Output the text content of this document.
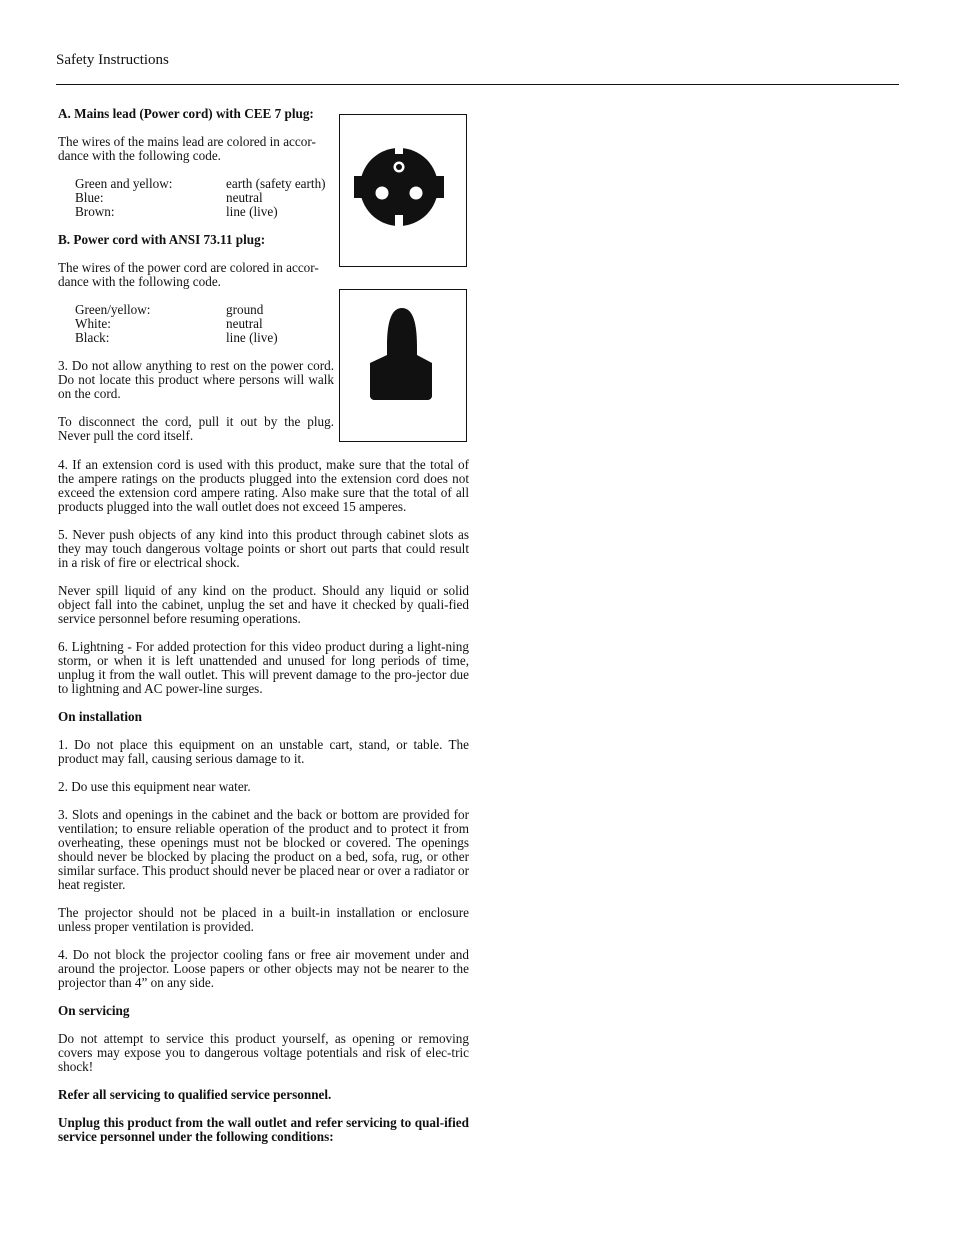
Safety Instructions

A. Mains lead (Power cord) with CEE 7 plug:

The wires of the mains lead are colored in accor-dance with the following code.

Green and yellow:	earth (safety earth)
Blue:	neutral
Brown:	line (live)

B. Power cord with ANSI 73.11 plug:

The wires of the power cord are colored in accor-dance with the following code.

Green/yellow:	ground
White:	neutral
Black:	line (live)

3. Do not allow anything to rest on the power cord. Do not locate this product where persons will walk on the cord.

To disconnect the cord, pull it out by the plug. Never pull the cord itself.

4. If an extension cord is used with this product, make sure that the total of the ampere ratings on the products plugged into the extension cord does not exceed the extension cord ampere rating. Also make sure that the total of all products plugged into the wall outlet does not exceed 15 amperes.

5. Never push objects of any kind into this product through cabinet slots as they may touch dangerous voltage points or short out parts that could result in a risk of fire or electrical shock.

Never spill liquid of any kind on the product. Should any liquid or solid object fall into the cabinet, unplug the set and have it checked by quali-fied service personnel before resuming operations.

6. Lightning - For added protection for this video product during a light-ning storm, or when it is left unattended and unused for long periods of time, unplug it from the wall outlet. This will prevent damage to the pro-jector due to lightning and AC power-line surges.

On installation

1. Do not place this equipment on an unstable cart, stand, or table. The product may fall, causing serious damage to it.

2. Do use this equipment near water.

3. Slots and openings in the cabinet and the back or bottom are provided for ventilation; to ensure reliable operation of the product and to protect it from overheating, these openings must not be blocked or covered. The openings should never be blocked by placing the product on a bed, sofa, rug, or other similar surface. This product should never be placed near or over a radiator or heat register.

The projector should not be placed in a built-in installation or enclosure unless proper ventilation is provided.

4. Do not block the projector cooling fans or free air movement under and around the projector. Loose papers or other objects may not be nearer to the projector than 4” on any side.

On servicing

Do not attempt to service this product yourself, as opening or removing covers may expose you to dangerous voltage potentials and risk of elec-tric shock!

Refer all servicing to qualified service personnel.

Unplug this product from the wall outlet and refer servicing to qual-ified service personnel under the following conditions:
